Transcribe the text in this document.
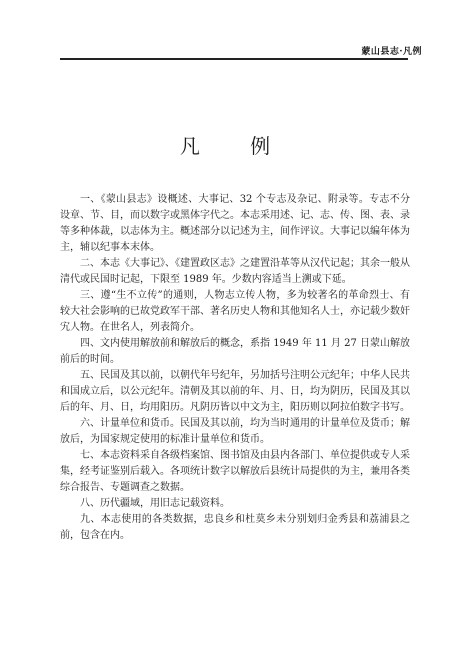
蒙山县志·凡例
凡 例

一、《蒙山县志》设概述、大事记、32 个专志及杂记、附录等。专志不分设章、节、目，而以数字或黑体字代之。本志采用述、记、志、传、图、表、录等多种体裁，以志体为主。概述部分以记述为主，间作评议。大事记以编年体为主，辅以纪事本末体。

二、本志《大事记》、《建置政区志》之建置沿革等从汉代记起；其余一般从清代或民国时记起，下限至 1989 年。少数内容适当上溯或下延。

三、遵“生不立传”的通则，人物志立传人物，多为较著名的革命烈士、有较大社会影响的已故党政军干部、著名历史人物和其他知名人士，亦记载少数奸宄人物。在世名人，列表简介。

四、文内使用解放前和解放后的概念，系指 1949 年 11 月 27 日蒙山解放前后的时间。

五、民国及其以前，以朝代年号纪年，另加括号注明公元纪年；中华人民共和国成立后，以公元纪年。清朝及其以前的年、月、日，均为阴历，民国及其以后的年、月、日，均用阳历。凡阴历皆以中文为主，阳历则以阿拉伯数字书写。

六、计量单位和货币。民国及其以前，均为当时通用的计量单位及货币；解放后，为国家规定使用的标准计量单位和货币。

七、本志资料采自各级档案馆、图书馆及由县内各部门、单位提供或专人采集，经考证鉴别后载入。各项统计数字以解放后县统计局提供的为主，兼用各类综合报告、专题调查之数据。

八、历代疆域，用旧志记载资料。

九、本志使用的各类数据，忠良乡和杜莫乡未分别划归金秀县和荔浦县之前，包含在内。
